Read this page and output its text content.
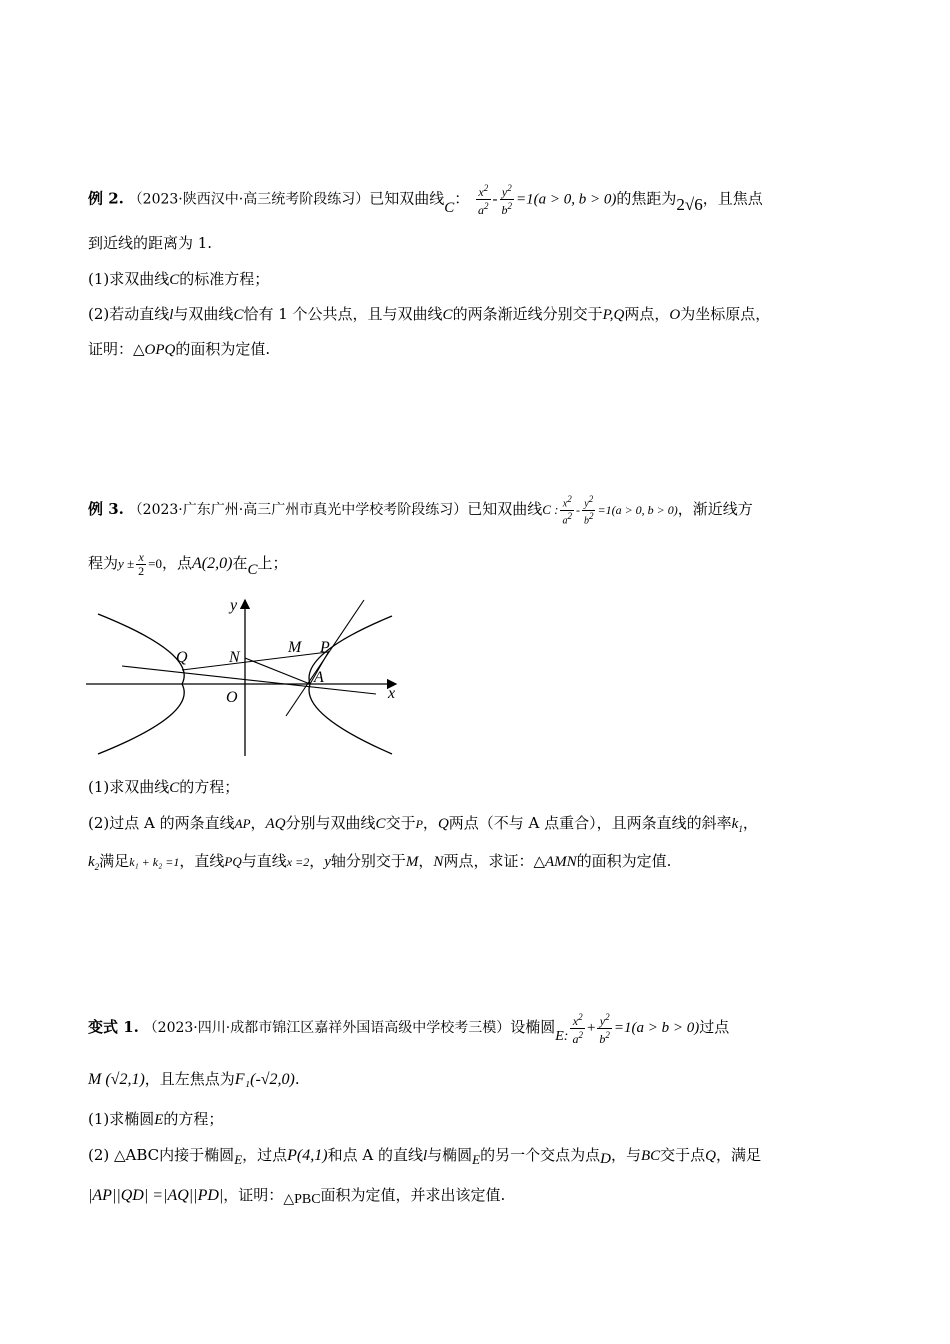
例 2. （2023·陕西汉中·高三统考阶段练习）已知双曲线C： $\frac{x^2}{a^2} - \frac{y^2}{b^2} =1(a > 0$, b > 0)的焦距为2√6，且焦点
到近线的距离为 1.
(1)求双曲线C的标准方程；
(2)若动直线l与双曲线C恰有 1 个公共点，且与双曲线C的两条渐近线分别交于P,Q两点，O为坐标原点，
证明：△OPQ的面积为定值.
例 3. （2023·广东广州·高三广州市真光中学校考阶段练习）已知双曲线C : $\frac{x^2}{a^2} - \frac{y^2}{b^2} =1(a > 0$, b > 0)，渐近线方
程为$y \pm \frac{x}{2} =0$，点A(2,0)在C上；
y
x
Q	N
M P
A
O
(1)求双曲线C的方程；
(2)过点 A 的两条直线AP，AQ分别与双曲线C交于P，Q两点（不与 A 点重合），且两条直线的斜率$k_1$，
$k_2$满足k₁ + k₂ =1，直线PQ与直线x =2，y轴分别交于M，N两点，求证：△AMN的面积为定值.
变式 1. （2023·四川·成都市锦江区嘉祥外国语高级中学校考三模）设椭圆E: $\frac{x^2}{a^2} + \frac{y^2}{b^2} =1(a > b > 0)$过点
M (√2,1)，且左焦点为F₁(-√2,0).
(1)求椭圆E的方程；
(2) △ABC内接于椭圆E，过点P(4,1)和点 A 的直线l与椭圆E的另一个交点为点D，与BC交于点Q，满足
|AP||QD| =|AQ||PD|，证明：△PBC面积为定值，并求出该定值.
